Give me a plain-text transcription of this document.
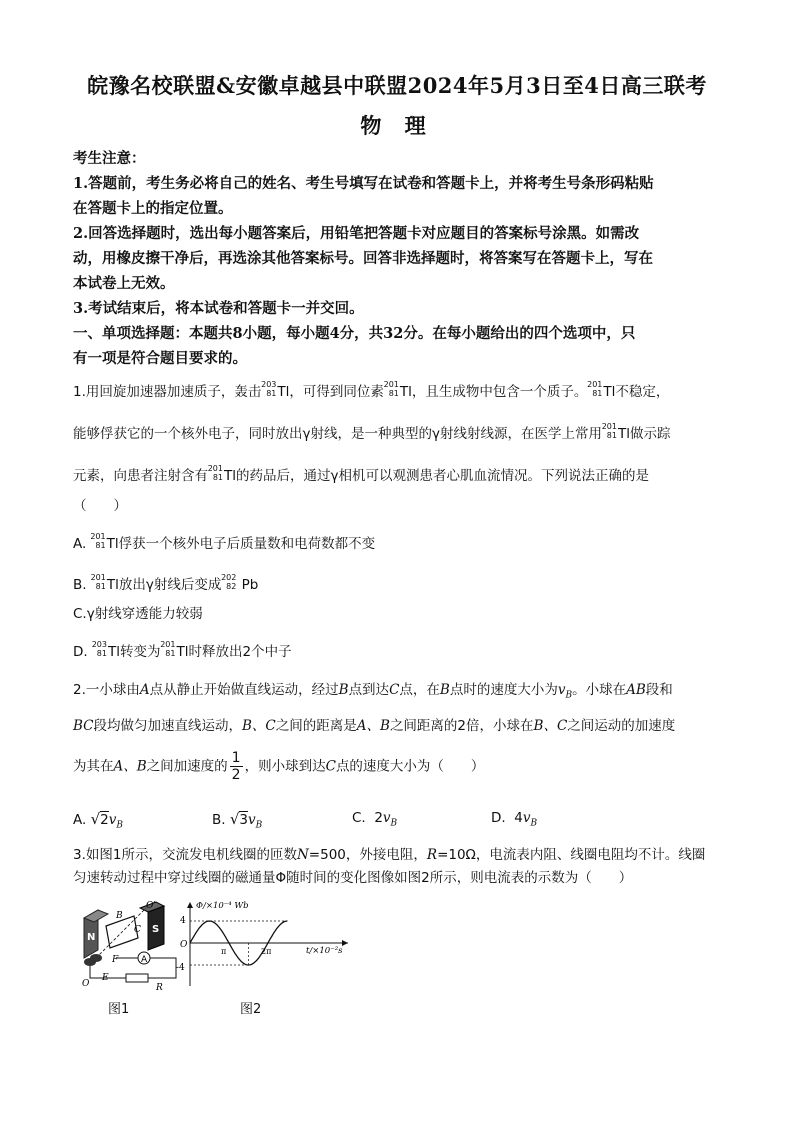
皖豫名校联盟&安徽卓越县中联盟2024年5月3日至4日高三联考
物 理
考生注意：
1.答题前，考生务必将自己的姓名、考生号填写在试卷和答题卡上，并将考生号条形码粘贴
在答题卡上的指定位置。
2.回答选择题时，选出每小题答案后，用铅笔把答题卡对应题目的答案标号涂黑。如需改
动，用橡皮擦干净后，再选涂其他答案标号。回答非选择题时，将答案写在答题卡上，写在
本试卷上无效。
3.考试结束后，将本试卷和答题卡一并交回。
一、单项选择题：本题共8小题，每小题4分，共32分。在每小题给出的四个选项中，只
有一项是符合题目要求的。
1.用回旋加速器加速质子，轰击 203
81 Tl，可得到同位素 201
81 Tl，且生成物中包含一个质子。 201
81 Tl不稳定，
能够俘获它的一个核外电子，同时放出γ射线，是一种典型的γ射线射线源，在医学上常用 201
81 Tl做示踪
元素，向患者注射含有 201
81 Tl的药品后，通过γ相机可以观测患者心肌血流情况。下列说法正确的是
（　　）
A. 201
81 Tl俘获一个核外电子后质量数和电荷数都不变
B. 201
81 Tl放出γ射线后变成 202
82 Pb
C.γ射线穿透能力较弱
D. 203
81 Tl转变为 201
81 Tl时释放出2个中子
2.一小球由A点从静止开始做直线运动，经过B点到达C点，在B点时的速度大小为$v_B$。小球在AB段和
BC段均做匀加速直线运动，B、C之间的距离是A、B之间距离的2倍，小球在B、C之间运动的加速度
为其在A、B之间加速度的 $\frac{1}{2}$ ，则小球到达C点的速度大小为（　　）
A. $√2v_B$	B. $√3v_B$	C. $2v_B$	D. $4v_B$
3.如图1所示，交流发电机线圈的匝数N=500，外接电阻，R=10Ω，电流表内阻、线圈电阻均不计。线圈
匀速转动过程中穿过线圈的磁通量Φ随时间的变化图像如图2所示，则电流表的示数为（　　）
N
S
A
R
B
C
O′
O
E
F
Φ/×10⁻⁴ Wb
t/×10⁻²s
4
O
-4
π	2π
图1	图2
